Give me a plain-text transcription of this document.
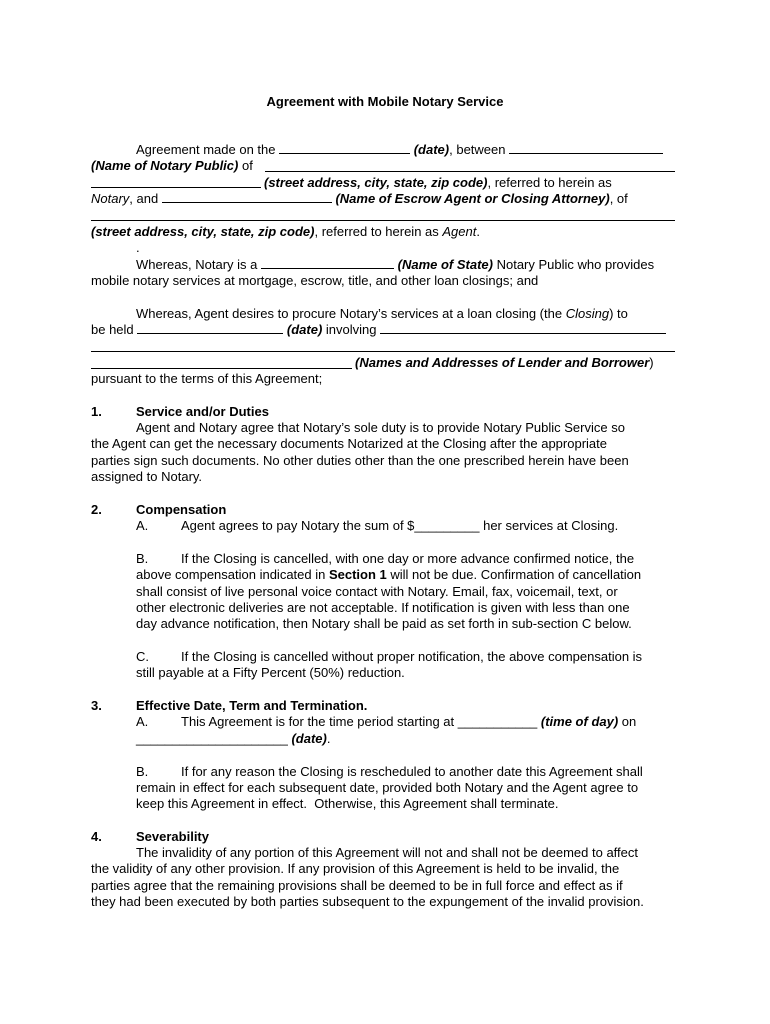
Agreement with Mobile Notary Service
Agreement made on the	(date), between
(Name of Notary Public) of
(street address, city, state, zip code), referred to herein as
Notary, and	(Name of Escrow Agent or Closing Attorney), of
(street address, city, state, zip code), referred to herein as Agent.
.
Whereas, Notary is a	(Name of State) Notary Public who provides
mobile notary services at mortgage, escrow, title, and other loan closings; and
Whereas, Agent desires to procure Notary’s services at a loan closing (the Closing) to
be held	(date) involving
(Names and Addresses of Lender and Borrower)
pursuant to the terms of this Agreement;
1.	Service and/or Duties
Agent and Notary agree that Notary’s sole duty is to provide Notary Public Service so
the Agent can get the necessary documents Notarized at the Closing after the appropriate
parties sign such documents. No other duties other than the one prescribed herein have been
assigned to Notary.
2.	Compensation
A.	Agent agrees to pay Notary the sum of $_________ her services at Closing.
B.	If the Closing is cancelled, with one day or more advance confirmed notice, the
above compensation indicated in Section 1 will not be due. Confirmation of cancellation
shall consist of live personal voice contact with Notary. Email, fax, voicemail, text, or
other electronic deliveries are not acceptable. If notification is given with less than one
day advance notification, then Notary shall be paid as set forth in sub-section C below.
C. If the Closing is cancelled without proper notification, the above compensation is
still payable at a Fifty Percent (50%) reduction.
3.	Effective Date, Term and Termination.
A.	This Agreement is for the time period starting at ___________ (time of day) on
_____________________ (date).
B.	If for any reason the Closing is rescheduled to another date this Agreement shall
remain in effect for each subsequent date, provided both Notary and the Agent agree to
keep this Agreement in effect.  Otherwise, this Agreement shall terminate.
4.	Severability
The invalidity of any portion of this Agreement will not and shall not be deemed to affect
the validity of any other provision. If any provision of this Agreement is held to be invalid, the
parties agree that the remaining provisions shall be deemed to be in full force and effect as if
they had been executed by both parties subsequent to the expungement of the invalid provision.
